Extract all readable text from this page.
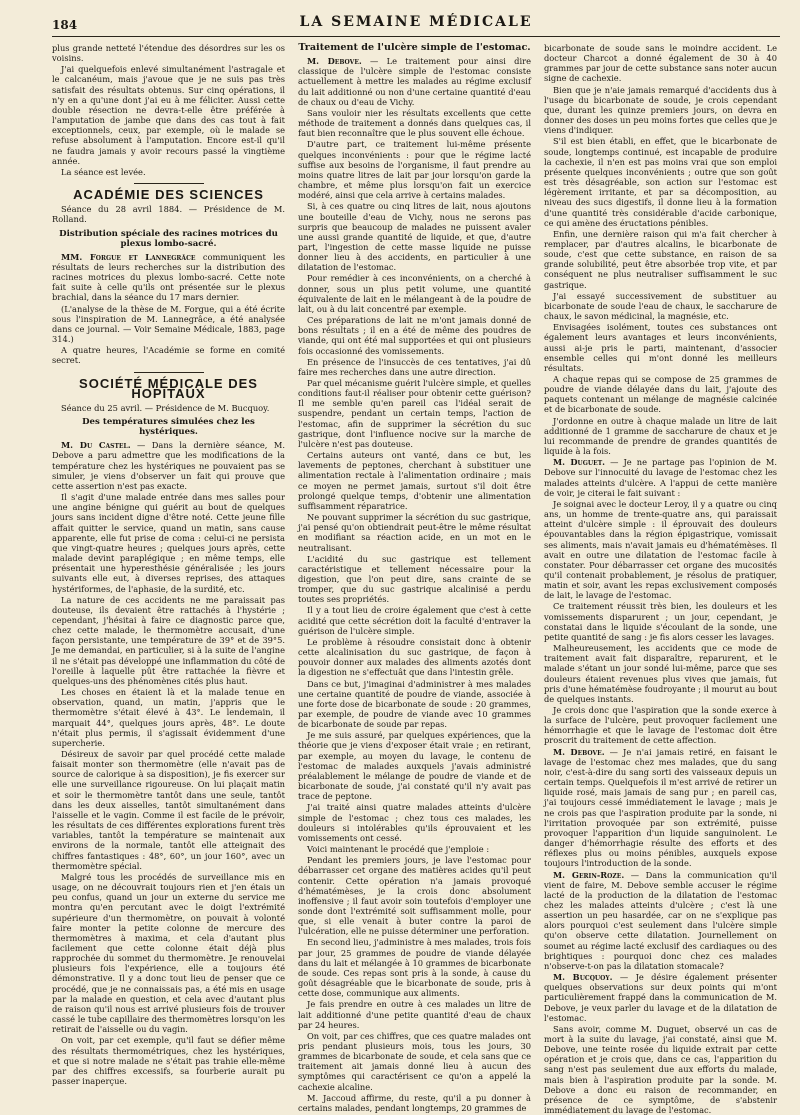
184	LA SEMAINE MÉDICALE

plus grande netteté l'étendue des désordres sur les os voisins.

J'ai quelquefois enlevé simultanément l'astragale et le calcanéum, mais j'avoue que je ne suis pas très satisfait des résultats obtenus. Sur cinq opérations, il n'y en a qu'une dont j'ai eu à me féliciter. Aussi cette double résection ne devra-t-elle être préférée à l'amputation de jambe que dans des cas tout à fait exceptionnels, ceux, par exemple, où le malade se refuse absolument à l'amputation. Encore est-il qu'il ne faudra jamais y avoir recours passé la vingtième année.

La séance est levée.

ACADÉMIE DES SCIENCES
Séance du 28 avril 1884. — Présidence de M. Rolland.
Distribution spéciale des racines motrices du plexus lombo-sacré.

MM. Forgue et Lannegrâce communiquent les résultats de leurs recherches sur la distribution des racines motrices du plexus lombo-sacré. Cette note fait suite à celle qu'ils ont présentée sur le plexus brachial, dans la séance du 17 mars dernier.

(L'analyse de la thèse de M. Forgue, qui a été écrite sous l'inspiration de M. Lannegrâce, a été analysée dans ce journal. — Voir Semaine Médicale, 1883, page 314.)

A quatre heures, l'Académie se forme en comité secret.

SOCIÉTÉ MÉDICALE DES HOPITAUX
Séance du 25 avril. — Présidence de M. Bucquoy.
Des températures simulées chez les hystériques.

M. Du Castel. — Dans la dernière séance, M. Debove a paru admettre que les modifications de la température chez les hystériques ne pouvaient pas se simuler, je viens d'observer un fait qui prouve que cette assertion n'est pas exacte.

Il s'agit d'une malade entrée dans mes salles pour une angine bénigne qui guérit au bout de quelques jours sans incident digne d'être noté. Cette jeune fille affait quitter le service, quand un matin, sans cause apparente, elle fut prise de coma : celui-ci ne persista que vingt-quatre heures ; quelques jours après, cette malade devint paraplégique ; en même temps, elle présentait une hyperesthésie généralisée ; les jours suivants elle eut, à diverses reprises, des attaques hystériformes, de l'aphasie, de la surdité, etc.

La nature de ces accidents ne me paraissait pas douteuse, ils devaient être rattachés à l'hystérie ; cependant, j'hésitai à faire ce diagnostic parce que, chez cette malade, le thermomètre accusait, d'une façon persistante, une température de 39° et de 39°5. Je me demandai, en particulier, si à la suite de l'angine il ne s'était pas développé une inflammation du côté de l'oreille à laquelle pût être rattachée la fièvre et quelques-uns des phénomènes cités plus haut.

Les choses en étaient là et la malade tenue en observation, quand, un matin, j'appris que le thermomètre s'était élevé à 43°. Le lendemain, il marquait 44°, quelques jours après, 48°. Le doute n'était plus permis, il s'agissait évidemment d'une supercherie.

Désireux de savoir par quel procédé cette malade faisait monter son thermomètre (elle n'avait pas de source de calorique à sa disposition), je fis exercer sur elle une surveillance rigoureuse. On lui plaçait matin et soir le thermomètre tantôt dans une seule, tantôt dans les deux aisselles, tantôt simultanément dans l'aisselle et le vagin. Comme il est facile de le prévoir, les résultats de ces différentes explorations furent très variables, tantôt la température se maintenait aux environs de la normale, tantôt elle atteignait des chiffres fantastiques : 48°, 60°, un jour 160°, avec un thermomètre spécial.

Malgré tous les procédés de surveillance mis en usage, on ne découvrait toujours rien et j'en étais un peu confus, quand un jour un externe du service me montra qu'en percutant avec le doigt l'extrémité supérieure d'un thermomètre, on pouvait à volonté faire monter la petite colonne de mercure des thermomètres à maxima, et cela d'autant plus facilement que cette colonne était déjà plus rapprochée du sommet du thermomètre. Je renouvelai plusieurs fois l'expérience, elle a toujours été démonstrative. Il y a donc tout lieu de penser que ce procédé, que je ne connaissais pas, a été mis en usage par la malade en question, et cela avec d'autant plus de raison qu'il nous est arrivé plusieurs fois de trouver cassé le tube capillaire des thermomètres lorsqu'on les retirait de l'aisselle ou du vagin.

On voit, par cet exemple, qu'il faut se défier même des résultats thermométriques, chez les hystériques, et que si notre malade ne s'était pas trahie elle-même par des chiffres excessifs, sa fourberie aurait pu passer inaperçue.

Traitement de l'ulcère simple de l'estomac.

M. Debove. — Le traitement pour ainsi dire classique de l'ulcère simple de l'estomac consiste actuellement à mettre les malades au régime exclusif du lait additionné ou non d'une certaine quantité d'eau de chaux ou d'eau de Vichy.

Sans vouloir nier les résultats excellents que cette méthode de traitement a donnés dans quelques cas, il faut bien reconnaître que le plus souvent elle échoue.

D'autre part, ce traitement lui-même présente quelques inconvénients : pour que le régime lacté suffise aux besoins de l'organisme, il faut prendre au moins quatre litres de lait par jour lorsqu'on garde la chambre, et même plus lorsqu'on fait un exercice modéré, ainsi que cela arrive à certains malades.

Si, à ces quatre ou cinq litres de lait, nous ajoutons une bouteille d'eau de Vichy, nous ne serons pas surpris que beaucoup de malades ne puissent avaler une aussi grande quantité de liquide, et que, d'autre part, l'ingestion de cette masse liquide ne puisse donner lieu à des accidents, en particulier à une dilatation de l'estomac.

Pour remédier à ces inconvénients, on a cherché à donner, sous un plus petit volume, une quantité équivalente de lait en le mélangeant à de la poudre de lait, ou à du lait concentré par exemple.

Ces préparations de lait ne m'ont jamais donné de bons résultats ; il en a été de même des poudres de viande, qui ont été mal supportées et qui ont plusieurs fois occasionné des vomissements.

En présence de l'insuccès de ces tentatives, j'ai dû faire mes recherches dans une autre direction.

Par quel mécanisme guérit l'ulcère simple, et quelles conditions faut-il réaliser pour obtenir cette guérison? Il me semble qu'en pareil cas l'idéal serait de suspendre, pendant un certain temps, l'action de l'estomac, afin de supprimer la sécrétion du suc gastrique, dont l'influence nocive sur la marche de l'ulcère n'est pas douteuse.

Certains auteurs ont vanté, dans ce but, les lavements de peptones, cherchant à substituer une alimentation rectale à l'alimentation ordinaire ; mais ce moyen ne permet jamais, surtout s'il doit être prolongé quelque temps, d'obtenir une alimentation suffisamment réparatrice.

Ne pouvant supprimer la sécrétion du suc gastrique, j'ai pensé qu'on obtiendrait peut-être le même résultat en modifiant sa réaction acide, en un mot en le neutralisant.

L'acidité du suc gastrique est tellement caractéristique et tellement nécessaire pour la digestion, que l'on peut dire, sans crainte de se tromper, que du suc gastrique alcalinisé a perdu toutes ses propriétés.

Il y a tout lieu de croire également que c'est à cette acidité que cette sécrétion doit la faculté d'entraver la guérison de l'ulcère simple.

Le problème à résoudre consistait donc à obtenir cette alcalinisation du suc gastrique, de façon à pouvoir donner aux malades des aliments azotés dont la digestion ne s'effectuât que dans l'intestin grêle.

Dans ce but, j'imaginai d'administrer à mes malades une certaine quantité de poudre de viande, associée à une forte dose de bicarbonate de soude : 20 grammes, par exemple, de poudre de viande avec 10 grammes de bicarbonate de soude par repas.

Je me suis assuré, par quelques expériences, que la théorie que je viens d'exposer était vraie ; en retirant, par exemple, au moyen du lavage, le contenu de l'estomac de malades auxquels j'avais administré préalablement le mélange de poudre de viande et de bicarbonate de soude, j'ai constaté qu'il n'y avait pas trace de peptone.

J'ai traité ainsi quatre malades atteints d'ulcère simple de l'estomac ; chez tous ces malades, les douleurs si intolérables qu'ils éprouvaient et les vomissements ont cessé.

Voici maintenant le procédé que j'emploie :

Pendant les premiers jours, je lave l'estomac pour débarrasser cet organe des matières acides qu'il peut contenir. Cette opération n'a jamais provoqué d'hématémèses, je la crois donc absolument inoffensive ; il faut avoir soin toutefois d'employer une sonde dont l'extrémité soit suffisamment molle, pour que, si elle venait à buter contre la paroi de l'ulcération, elle ne puisse déterminer une perforation.

En second lieu, j'administre à mes malades, trois fois par jour, 25 grammes de poudre de viande délayée dans du lait et mélangée à 10 grammes de bicarbonate de soude. Ces repas sont pris à la sonde, à cause du goût désagréable que le bicarbonate de soude, pris à cette dose, communique aux aliments.

Je fais prendre en outre à ces malades un litre de lait additionné d'une petite quantité d'eau de chaux par 24 heures.

On voit, par ces chiffres, que ces quatre malades ont pris pendant plusieurs mois, tous les jours, 30 grammes de bicarbonate de soude, et cela sans que ce traitement ait jamais donné lieu à aucun des symptômes qui caractérisent ce qu'on a appelé la cachexie alcaline.

M. Jaccoud affirme, du reste, qu'il a pu donner à certains malades, pendant longtemps, 20 grammes de

bicarbonate de soude sans le moindre accident. Le docteur Charcot a donné également de 30 à 40 grammes par jour de cette substance sans noter aucun signe de cachexie.

Bien que je n'aie jamais remarqué d'accidents dus à l'usage du bicarbonate de soude, je crois cependant que, durant les quinze premiers jours, on devra en donner des doses un peu moins fortes que celles que je viens d'indiquer.

S'il est bien établi, en effet, que le bicarbonate de soude, longtemps continué, est incapable de produire la cachexie, il n'en est pas moins vrai que son emploi présente quelques inconvénients ; outre que son goût est très désagréable, son action sur l'estomac est légèrement irritante, et par sa décomposition, au niveau des sucs digestifs, il donne lieu à la formation d'une quantité très considérable d'acide carbonique, ce qui amène des éructations pénibles.

Enfin, une dernière raison qui m'a fait chercher à remplacer, par d'autres alcalins, le bicarbonate de soude, c'est que cette substance, en raison de sa grande solubilité, peut être absorbée trop vite, et par conséquent ne plus neutraliser suffisamment le suc gastrique.

J'ai essayé successivement de substituer au bicarbonate de soude l'eau de chaux, le saccharure de chaux, le savon médicinal, la magnésie, etc.

Envisagées isolément, toutes ces substances ont également leurs avantages et leurs inconvénients, aussi ai-je pris le parti, maintenant, d'associer ensemble celles qui m'ont donné les meilleurs résultats.

A chaque repas qui se compose de 25 grammes de poudre de viande délayée dans du lait, j'ajoute des paquets contenant un mélange de magnésie calcinée et de bicarbonate de soude.

J'ordonne en outre à chaque malade un litre de lait additionné de 1 gramme de saccharure de chaux et je lui recommande de prendre de grandes quantités de liquide à la fois.

M. Duguet. — Je ne partage pas l'opinion de M. Debove sur l'innocuité du lavage de l'estomac chez les malades atteints d'ulcère. A l'appui de cette manière de voir, je citerai le fait suivant :

Je soignai avec le docteur Leroy, il y a quatre ou cinq ans, un homme de trente-quatre ans, qui paraissait atteint d'ulcère simple : il éprouvait des douleurs épouvantables dans la région épigastrique, vomissait ses aliments, mais n'avait jamais eu d'hématémèses. Il avait en outre une dilatation de l'estomac facile à constater. Pour débarrasser cet organe des mucosités qu'il contenait probablement, je résolus de pratiquer, matin et soir, avant les repas exclusivement composés de lait, le lavage de l'estomac.

Ce traitement réussit très bien, les douleurs et les vomissements disparurent ; un jour, cependant, je constatai dans le liquide s'écoulant de la sonde, une petite quantité de sang : je fis alors cesser les lavages.

Malheureusement, les accidents que ce mode de traitement avait fait disparaître, reparurent, et le malade s'étant un jour sondé lui-même, parce que ses douleurs étaient revenues plus vives que jamais, fut pris d'une hématémèse foudroyante ; il mourut au bout de quelques instants.

Je crois donc que l'aspiration que la sonde exerce à la surface de l'ulcère, peut provoquer facilement une hémorrhagie et que le lavage de l'estomac doit être proscrit du traitement de cette affection.

M. Debove. — Je n'ai jamais retiré, en faisant le lavage de l'estomac chez mes malades, que du sang noir, c'est-à-dire du sang sorti des vaisseaux depuis un certain temps. Quelquefois il m'est arrivé de retirer un liquide rosé, mais jamais de sang pur ; en pareil cas, j'ai toujours cessé immédiatement le lavage ; mais je ne crois pas que l'aspiration produite par la sonde, ni l'irritation provoquée par son extrémité, puisse provoquer l'apparition d'un liquide sanguinolent. Le danger d'hémorrhagie résulte des efforts et des réflexes plus ou moins pénibles, auxquels expose toujours l'introduction de la sonde.

M. Gerin-Roze. — Dans la communication qu'il vient de faire, M. Debove semble accuser le régime lacté de la production de la dilatation de l'estomac chez les malades atteints d'ulcère ; c'est là une assertion un peu hasardée, car on ne s'explique pas alors pourquoi c'est seulement dans l'ulcère simple qu'on observe cette dilatation. Journellement on soumet au régime lacté exclusif des cardiaques ou des brightiques : pourquoi donc chez ces malades n'observe-t-on pas la dilatation stomacale?

M. Bucquoy. — Je désire également présenter quelques observations sur deux points qui m'ont particulièrement frappé dans la communication de M. Debove, je veux parler du lavage et de la dilatation de l'estomac.

Sans avoir, comme M. Duguet, observé un cas de mort à la suite du lavage, j'ai constaté, ainsi que M. Debove, une teinte rosée du liquide extrait par cette opération et je crois que, dans ce cas, l'apparition du sang n'est pas seulement due aux efforts du malade, mais bien à l'aspiration produite par la sonde. M. Debove a donc eu raison de recommander, en présence de ce symptôme, de s'abstenir immédiatement du lavage de l'estomac.
